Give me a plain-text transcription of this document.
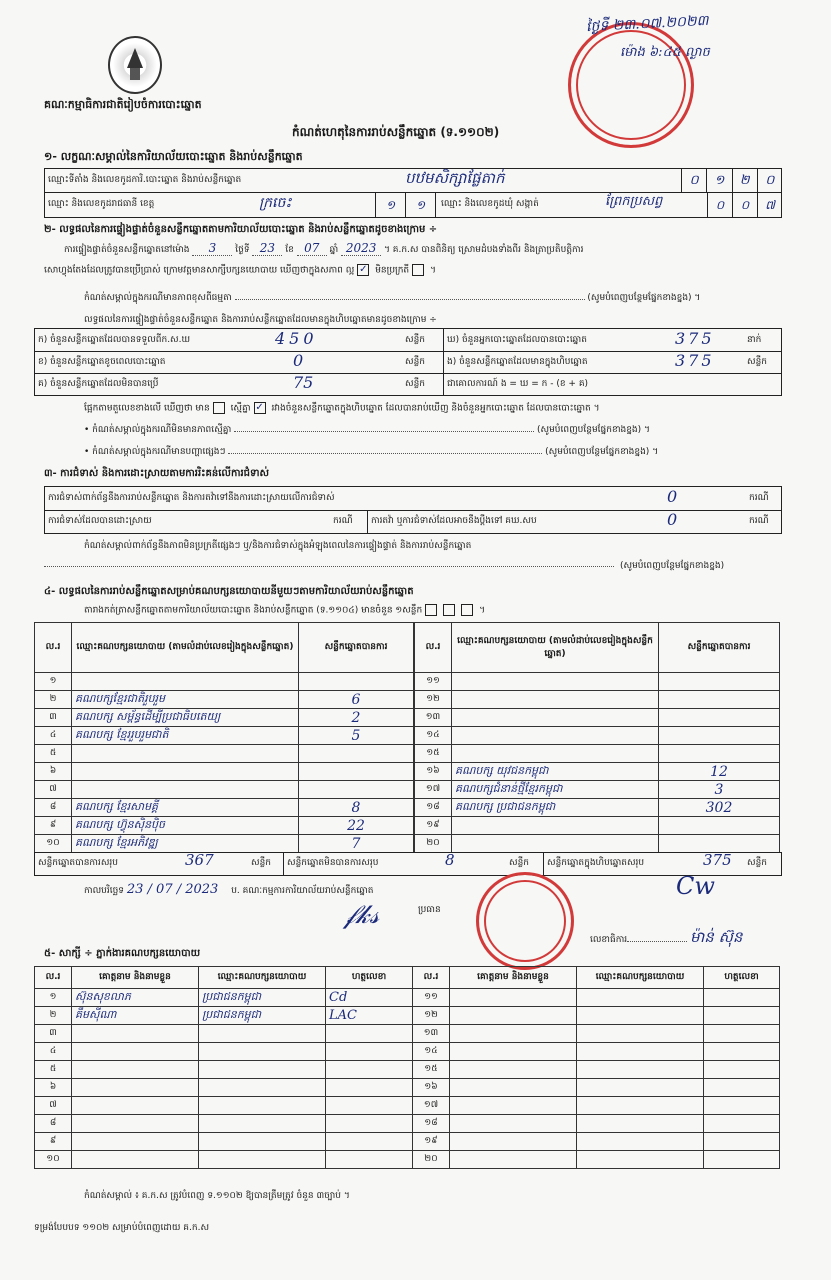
គណៈកម្មាធិការជាតិរៀបចំការបោះឆ្នោត
កំណត់ហេតុនៃការរាប់សន្លឹកឆ្នោត (ទ.១១០២)
ថ្ងៃទី ២៣.០៧.២០២៣
ម៉ោង ៦:៤៥ ល្ងាច
១- លក្ខណៈសម្គាល់នៃការិយាល័យបោះឆ្នោត និងរាប់សន្លឹកឆ្នោត
ឈ្មោះទីតាំង និងលេខកូដការិ.បោះឆ្នោត និងរាប់សន្លឹកឆ្នោត	បឋមសិក្សាផ្លែតាក់	០	១	២	០
ឈ្មោះ និងលេខកូដរាជធានី ខេត្ត	ក្រចេះ	១	១	ឈ្មោះ និងលេខកូដឃុំ សង្កាត់	ព្រែកប្រសព្វ	០	០	៧
២- លទ្ធផលនៃការផ្ទៀងផ្ទាត់ចំនួនសន្លឹកឆ្នោតតាមការិយាល័យបោះឆ្នោត និងរាប់សន្លឹកឆ្នោតដូចខាងក្រោម ÷
ការផ្ទៀងផ្ទាត់ចំនួនសន្លឹកឆ្នោតនៅម៉ោង 3 ថ្ងៃទី 23 ខែ 07 ឆ្នាំ 2023 ។ គ.ក.ស បានពិនិត្យ ស្រោមដំបងទាំងពីរ និងត្រាប្រតិបត្តិការ
សោហ្វុងតែងដែលត្រូវបានប្រើប្រាស់ ក្រោមវត្តមានសាក្សីបក្សនយោបាយ ឃើញថាក្នុងសភាព ល្អ ✓ មិនប្រក្រតី ។
កំណត់សម្គាល់ក្នុងករណីមានភាពខុសពីធម្មតា	(សូមបំពេញបន្ថែមផ្នែកខាងខ្នង) ។
លទ្ធផលនៃការផ្ទៀងផ្ទាត់ចំនួនសន្លឹកឆ្នោត និងការរាប់សន្លឹកឆ្នោតដែលមានក្នុងហិបឆ្នោតមានដូចខាងក្រោម ÷
ក) ចំនួនសន្លឹកឆ្នោតដែលបានទទួលពីក.ស.ឃ	450	សន្លឹក
ខ) ចំនួនសន្លឹកឆ្នោតខូចពេលបោះឆ្នោត	0	សន្លឹក
គ) ចំនួនសន្លឹកឆ្នោតដែលមិនបានប្រើ	75	សន្លឹក
ឃ) ចំនួនអ្នកបោះឆ្នោតដែលបានបោះឆ្នោត	375	នាក់
ង) ចំនួនសន្លឹកឆ្នោតដែលមានក្នុងហិបឆ្នោត	375	សន្លឹក
ជាគោលការណ៍ ង = ឃ = ក - (ខ + គ)
ផ្អែកតាមតួលេខខាងលើ ឃើញថា មាន ស្មើគ្នា ✓ រវាងចំនួនសន្លឹកឆ្នោតក្នុងហិបឆ្នោត ដែលបានរាប់ឃើញ និងចំនួនអ្នកបោះឆ្នោត ដែលបានបោះឆ្នោត ។
• កំណត់សម្គាល់ក្នុងករណីមិនមានភាពស្មើគ្នា	(សូមបំពេញបន្ថែមផ្នែកខាងខ្នង) ។
• កំណត់សម្គាល់ក្នុងករណីមានបញ្ហាផ្សេងៗ	(សូមបំពេញបន្ថែមផ្នែកខាងខ្នង) ។
៣- ការជំទាស់ និងការដោះស្រាយតាមការរិះគន់លើការជំទាស់
ការជំទាស់ពាក់ព័ន្ធនឹងការរាប់សន្លឹកឆ្នោត និងការតវ៉ាទៅនឹងការដោះស្រាយលើការជំទាស់	0	ករណី
ការជំទាស់ដែលបានដោះស្រាយ	ករណី ការតវ៉ា ឬការជំទាស់ដែលអាចនឹងប្ដឹងទៅ គឃ.សប	0	ករណី
កំណត់សម្គាល់ពាក់ព័ន្ធនឹងភាពមិនប្រក្រតីផ្សេងៗ ឬ/និងការជំទាស់ក្នុងអំឡុងពេលនៃការផ្ទៀងផ្ទាត់ និងការរាប់សន្លឹកឆ្នោត
(សូមបំពេញបន្ថែមផ្នែកខាងខ្នង)
៤- លទ្ធផលនៃការរាប់សន្លឹកឆ្នោតសម្រាប់គណបក្សនយោបាយនីមួយៗតាមការិយាល័យរាប់សន្លឹកឆ្នោត
តារាងកត់ត្រាសន្លឹកឆ្នោតតាមការិយាល័យបោះឆ្នោត និងរាប់សន្លឹកឆ្នោត (ទ.១១០៤) មានចំនួន ១សន្លឹក	។
ល.រ	ឈ្មោះគណបក្សនយោបាយ (តាមលំដាប់លេខរៀងក្នុងសន្លឹកឆ្នោត)	សន្លឹកឆ្នោតបានការ
១		
២	គណបក្សខ្មែរជាតិរួបរួម	6
៣	គណបក្ស សម្ព័ន្ធដើម្បីប្រជាធិបតេយ្យ	2
៤	គណបក្ស ខ្មែររួបរួមជាតិ	5
៥		
៦		
៧		
៨	គណបក្ស ខ្មែរសាមគ្គី	8
៩	គណបក្ស ហ៊្វុនស៊ិនប៉ិច	22
១០	គណបក្ស ខ្មែរអភិវឌ្ឍ	7
ល.រ	ឈ្មោះគណបក្សនយោបាយ (តាមលំដាប់លេខរៀងក្នុងសន្លឹកឆ្នោត)	សន្លឹកឆ្នោតបានការ
១១		
១២		
១៣		
១៤		
១៥		
១៦	គណបក្ស យុវជនកម្ពុជា	12
១៧	គណបក្សជំនាន់ថ្មីខ្មែរកម្ពុជា	3
១៨	គណបក្ស ប្រជាជនកម្ពុជា	302
១៩		
២០		
សន្លឹកឆ្នោតបានការសរុប	367	សន្លឹក សន្លឹកឆ្នោតមិនបានការសរុប	8	សន្លឹក សន្លឹកឆ្នោតក្នុងហិបឆ្នោតសរុប	375 សន្លឹក
កាលបរិច្ឆេទ 23 / 07 / 2023 ប. គណៈកម្មការការិយាល័យរាប់សន្លឹកឆ្នោត
𝒻𝓀𝓈	ប្រធាន
Cw
លេខាធិការ	ម៉ាន់ ស៊ុន
៥- សាក្សី ÷ ភ្នាក់ងារគណបក្សនយោបាយ
ល.រ	គោត្តនាម និងនាមខ្លួន	ឈ្មោះគណបក្សនយោបាយ	ហត្ថលេខា	ល.រ	គោត្តនាម និងនាមខ្លួន	ឈ្មោះគណបក្សនយោបាយ	ហត្ថលេខា
១	ស៊ុនសុខលាភ	ប្រជាជនកម្ពុជា	Cd	១១			
២	គឹមស៊ីណា	ប្រជាជនកម្ពុជា	LAC	១២			
៣				១៣			
៤				១៤			
៥				១៥			
៦				១៦			
៧				១៧			
៨				១៨			
៩				១៩			
១០				២០			
កំណត់សម្គាល់ ៖ គ.ក.ស ត្រូវបំពេញ ទ.១១០២ ឱ្យបានត្រឹមត្រូវ ចំនួន ៣ច្បាប់ ។
ទម្រង់បែបបទ ១១០២ សម្រាប់បំពេញដោយ គ.ក.ស
